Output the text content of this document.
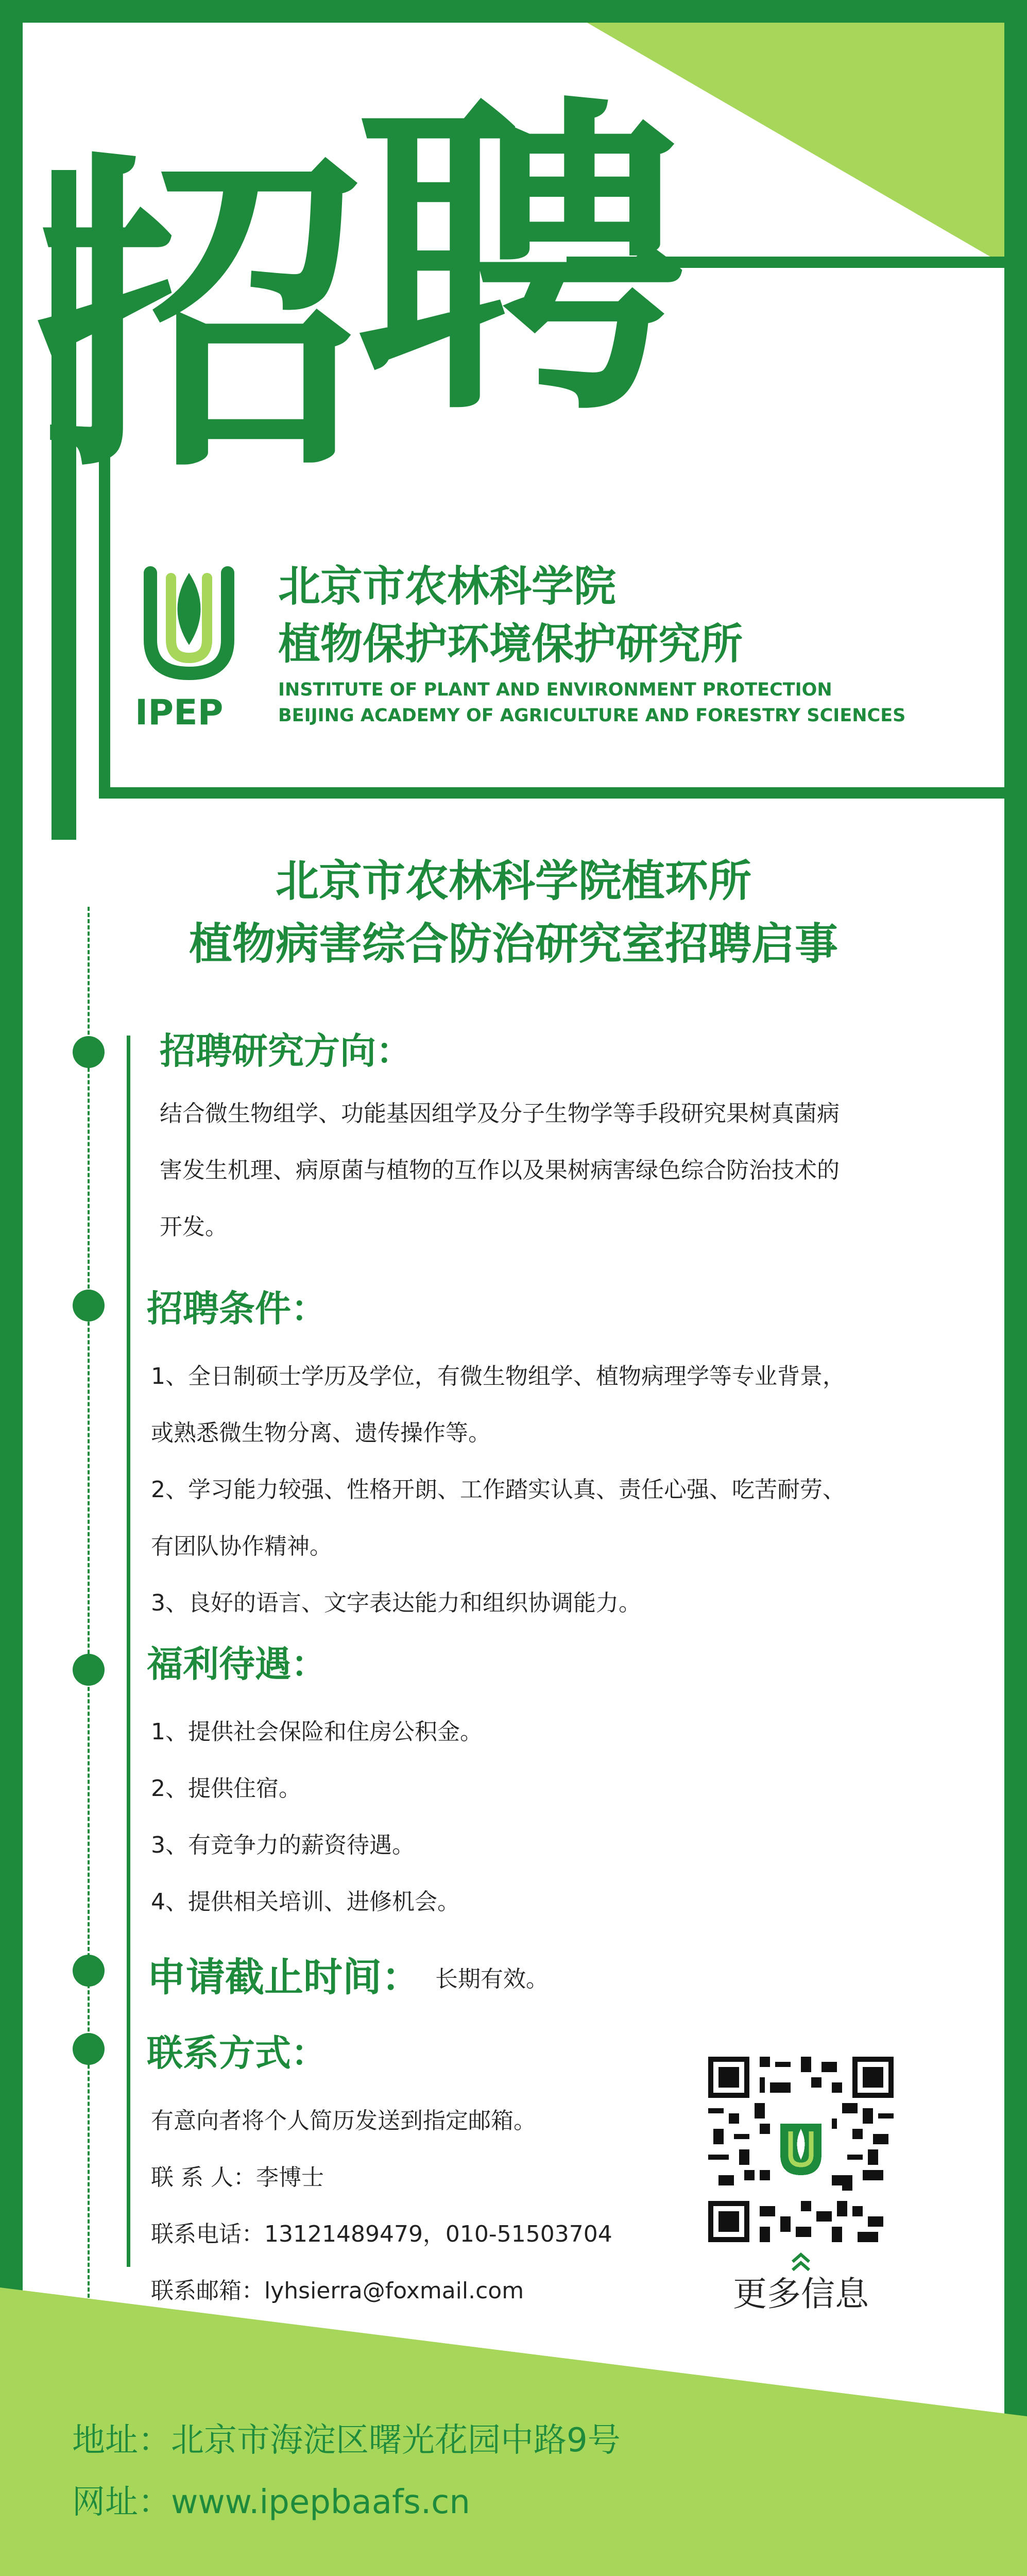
招
聘
IPEP
北京市农林科学院
植物保护环境保护研究所
INSTITUTE OF PLANT AND ENVIRONMENT PROTECTION
BEIJING ACADEMY OF AGRICULTURE AND FORESTRY SCIENCES
北京市农林科学院植环所
植物病害综合防治研究室招聘启事
招聘研究方向：
结合微生物组学、功能基因组学及分子生物学等手段研究果树真菌病
害发生机理、病原菌与植物的互作以及果树病害绿色综合防治技术的
开发。
招聘条件：
1、全日制硕士学历及学位，有微生物组学、植物病理学等专业背景，
或熟悉微生物分离、遗传操作等。
2、学习能力较强、性格开朗、工作踏实认真、责任心强、吃苦耐劳、
有团队协作精神。
3、良好的语言、文字表达能力和组织协调能力。
福利待遇：
1、提供社会保险和住房公积金。
2、提供住宿。
3、有竞争力的薪资待遇。
4、提供相关培训、进修机会。
申请截止时间： 长期有效。
联系方式：
有意向者将个人简历发送到指定邮箱。
联 系 人：李博士
联系电话：13121489479，010-51503704
联系邮箱：lyhsierra@foxmail.com	更多信息
地址：北京市海淀区曙光花园中路9号
网址：www.ipepbaafs.cn
